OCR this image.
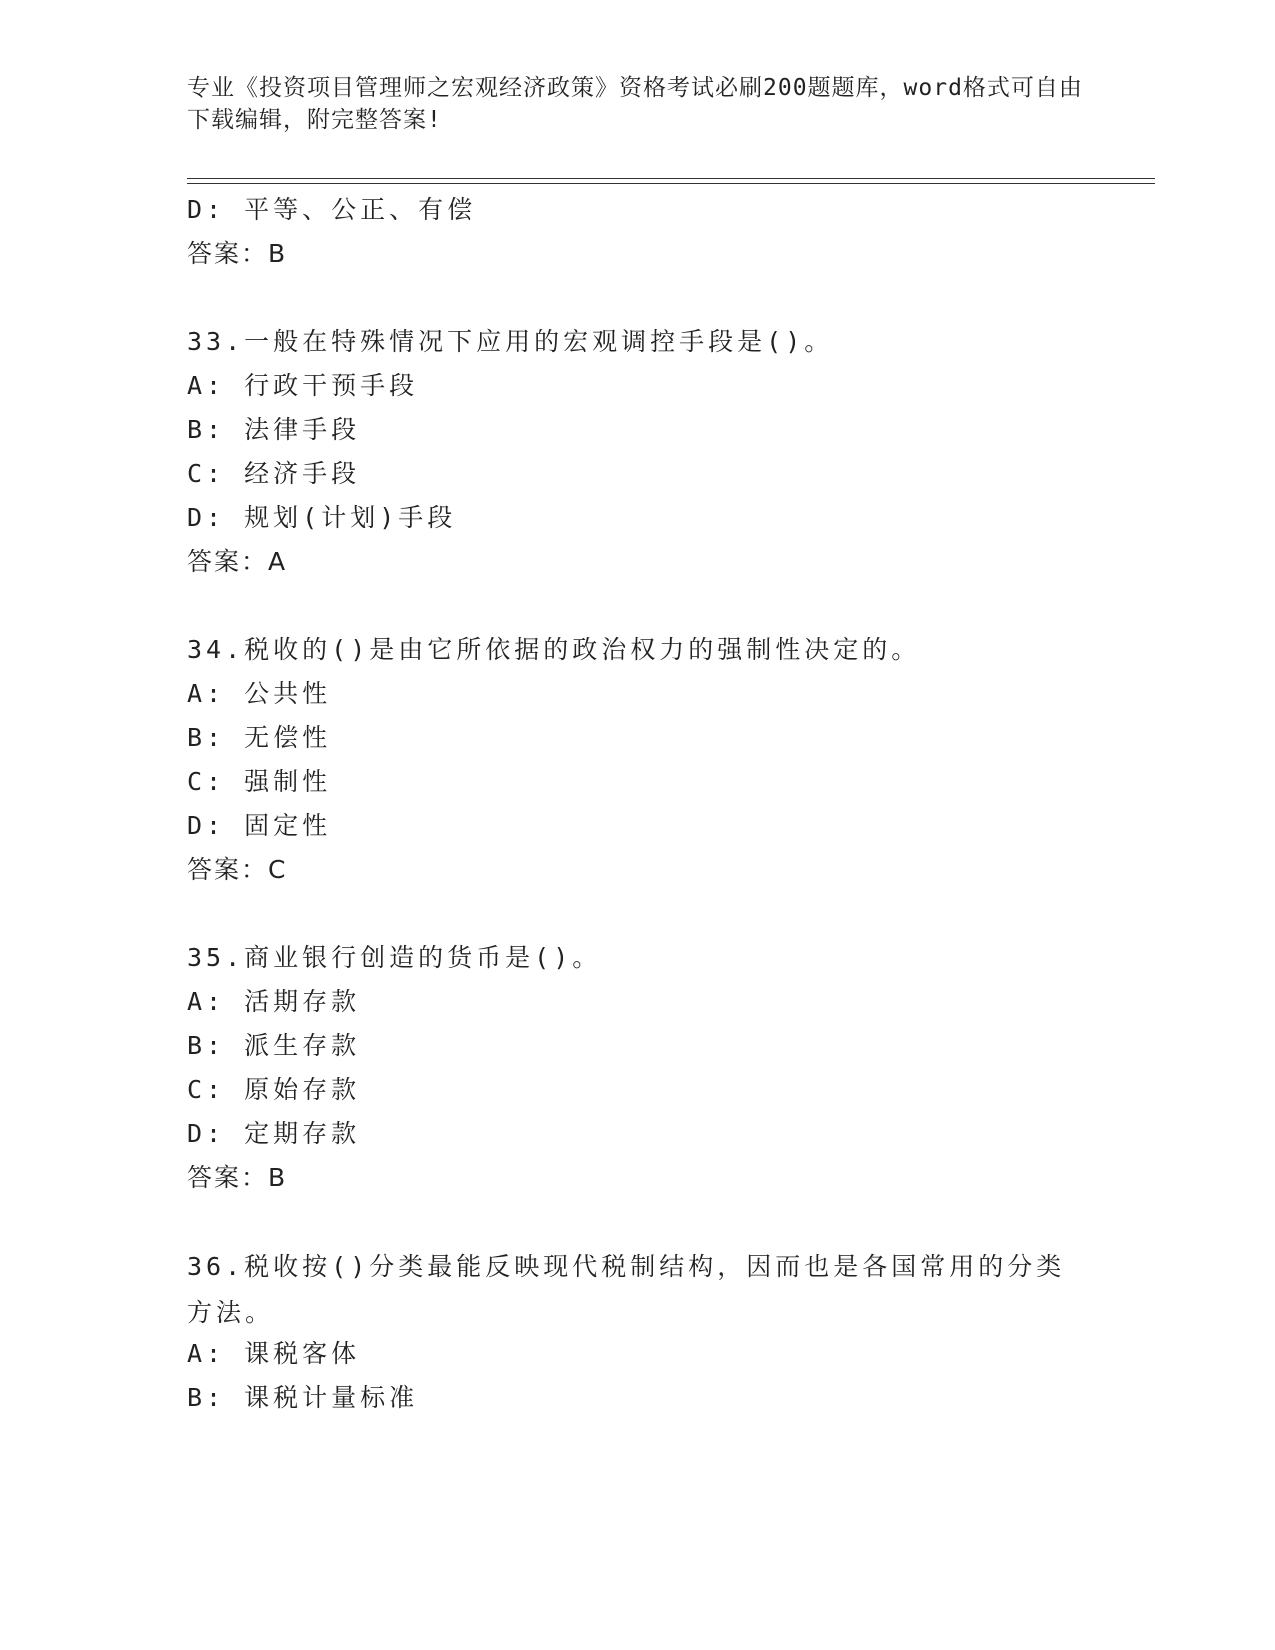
专业《投资项目管理师之宏观经济政策》资格考试必刷200题题库，word格式可自由下载编辑，附完整答案!
D: 平等、公正、有偿
答案：B
33.一般在特殊情况下应用的宏观调控手段是()。
A: 行政干预手段
B: 法律手段
C: 经济手段
D: 规划(计划)手段
答案：A
34.税收的()是由它所依据的政治权力的强制性决定的。
A: 公共性
B: 无偿性
C: 强制性
D: 固定性
答案：C
35.商业银行创造的货币是()。
A: 活期存款
B: 派生存款
C: 原始存款
D: 定期存款
答案：B
36.税收按()分类最能反映现代税制结构，因而也是各国常用的分类方法。
A: 课税客体
B: 课税计量标准
